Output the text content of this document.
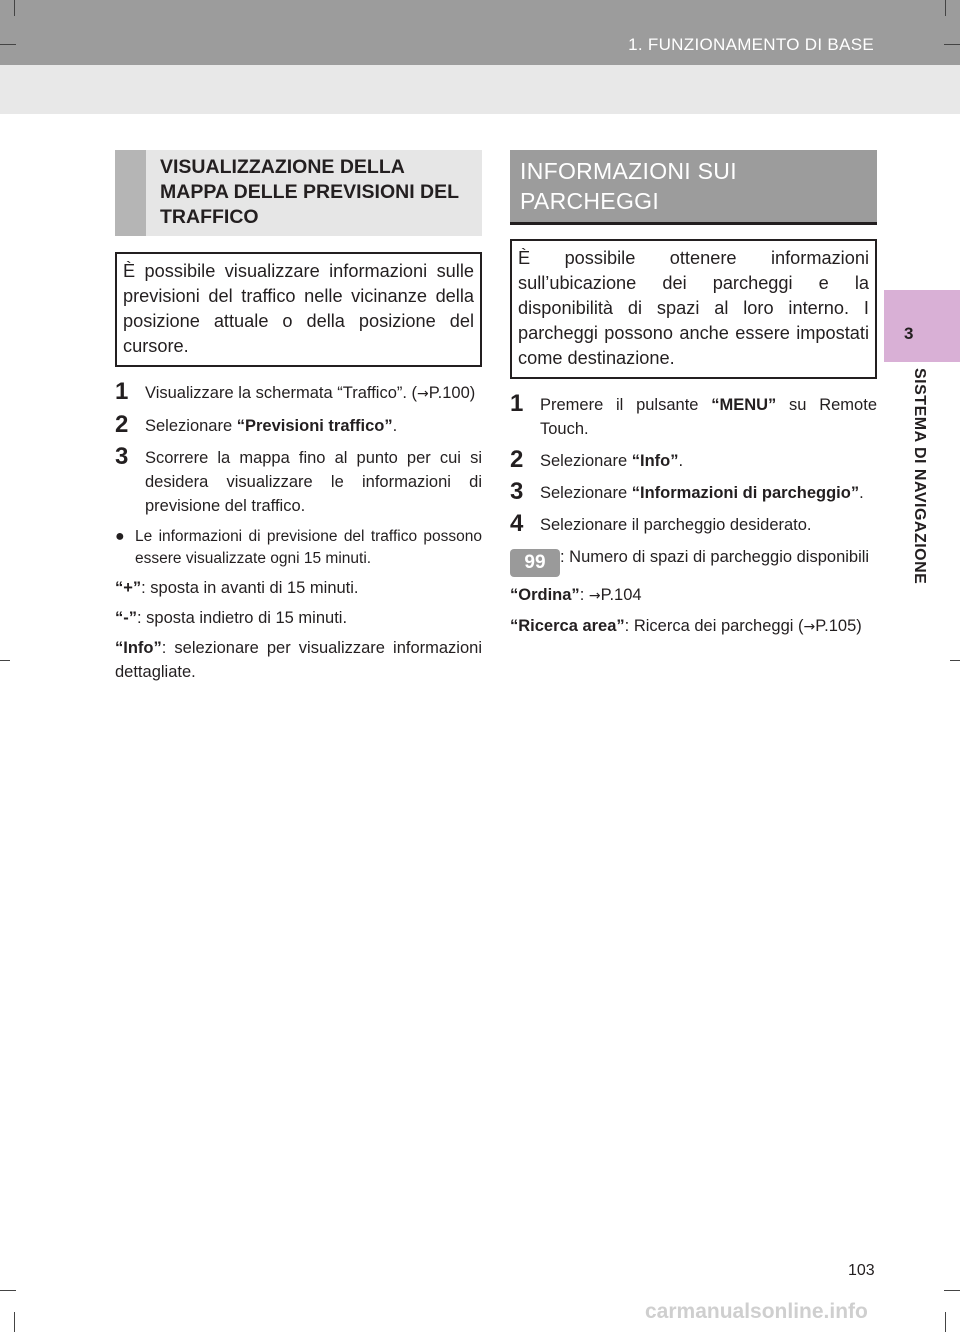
1. FUNZIONAMENTO DI BASE
3
SISTEMA DI NAVIGAZIONE
VISUALIZZAZIONE DELLA MAPPA DELLE PREVISIONI DEL TRAFFICO
È possibile visualizzare informazioni sulle previsioni del traffico nelle vicinanze della posizione attuale o della posizione del cursore.
1 Visualizzare la schermata “Traffico”. (→P.100)
2 Selezionare “Previsioni traffico”.
3 Scorrere la mappa fino al punto per cui si desidera visualizzare le informazioni di previsione del traffico.
● Le informazioni di previsione del traffico possono essere visualizzate ogni 15 minuti.
“+”: sposta in avanti di 15 minuti.
“-”: sposta indietro di 15 minuti.
“Info”: selezionare per visualizzare informazioni dettagliate.
INFORMAZIONI SUI PARCHEGGI
È possibile ottenere informazioni sull’ubicazione dei parcheggi e la disponibilità di spazi al loro interno. I parcheggi possono anche essere impostati come destinazione.
1 Premere il pulsante “MENU” su Remote Touch.
2 Selezionare “Info”.
3 Selezionare “Informazioni di parcheggio”.
4 Selezionare il parcheggio desiderato.
99 : Numero di spazi di parcheggio disponibili
“Ordina”: →P.104
“Ricerca area”: Ricerca dei parcheggi (→P.105)
103
carmanualsonline.info
